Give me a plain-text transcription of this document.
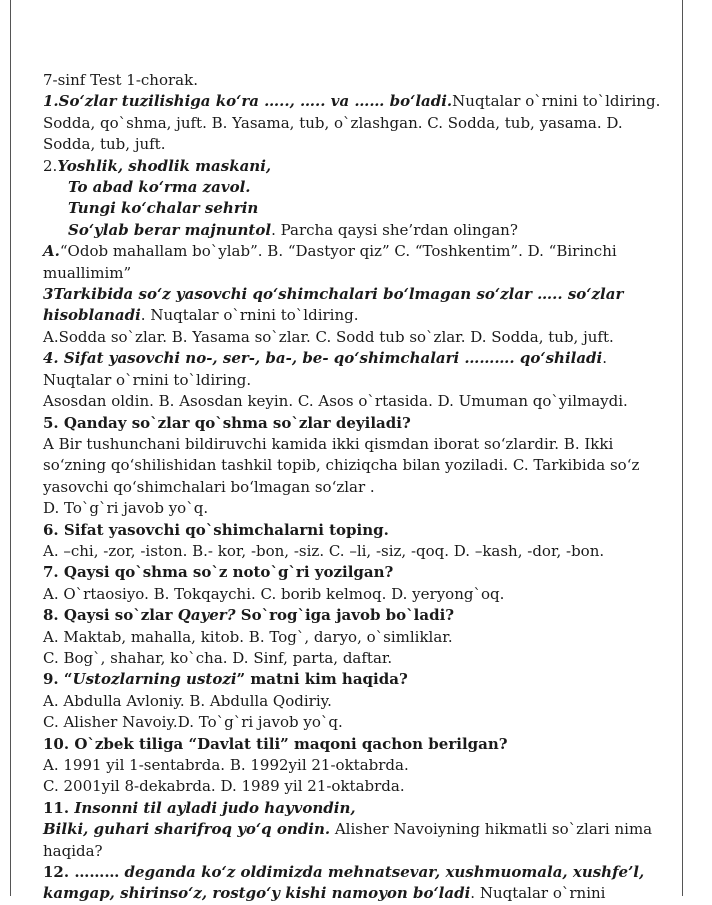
7-sinf Test 1-chorak.

1.So‘zlar tuzilishiga ko‘ra ….., ….. va …… bo‘ladi.Nuqtalar o`rnini to`ldiring.

Sodda, qo`shma, juft. B. Yasama, tub, o`zlashgan. C. Sodda, tub, yasama. D. Sodda, tub, juft.

2.Yoshlik, shodlik maskani,

To abad ko‘rma zavol.

Tungi ko‘chalar sehrin

So‘ylab berar majnuntol. Parcha qaysi she’rdan olingan?

A.“Odob mahallam bo`ylab”. B. “Dastyor qiz” C. “Toshkentim”. D. “Birinchi muallimim”

3Tarkibida so‘z yasovchi qo‘shimchalari bo‘lmagan so‘zlar ….. so‘zlar hisoblanadi. Nuqtalar o`rnini to`ldiring.

A.Sodda so`zlar. B. Yasama so`zlar. C. Sodd tub so`zlar. D. Sodda, tub, juft.

4. Sifat yasovchi no-, ser-, ba-, be- qo‘shimchalari ………. qo‘shiladi. Nuqtalar o`rnini to`ldiring.

Asosdan oldin. B. Asosdan keyin. C. Asos o`rtasida. D. Umuman qo`yilmaydi.

5. Qanday so`zlar qo`shma so`zlar deyiladi?

A Bir tushunchani bildiruvchi kamida ikki qismdan iborat so‘zlardir. B. Ikki so‘zning qo‘shilishidan tashkil topib, chiziqcha bilan yoziladi. C. Tarkibida so‘z yasovchi qo‘shimchalari bo‘lmagan so‘zlar .

D. To`g`ri javob yo`q.

6. Sifat yasovchi qo`shimchalarni toping.

A. –chi, -zor, -iston. B.- kor, -bon, -siz. C. –li, -siz, -qoq. D. –kash, -dor, -bon.

7. Qaysi qo`shma so`z noto`g`ri yozilgan?

A. O`rtaosiyo. B. Tokqaychi. C. borib kelmoq. D. yeryong`oq.

8. Qaysi so`zlar Qayer? So`rog`iga javob bo`ladi?

A. Maktab, mahalla, kitob. B. Tog`, daryo, o`simliklar.

C. Bog`, shahar, ko`cha. D. Sinf, parta, daftar.

9. “Ustozlarning ustozi” matni kim haqida?

A. Abdulla Avloniy. B. Abdulla Qodiriy.

C. Alisher Navoiy.D. To`g`ri javob yo`q.

10. O`zbek tiliga “Davlat tili” maqoni qachon berilgan?

A. 1991 yil 1-sentabrda. B. 1992yil 21-oktabrda.

C. 2001yil 8-dekabrda. D. 1989 yil 21-oktabrda.

11. Insonni til ayladi judo hayvondin,

Bilki, guhari sharifroq yo‘q ondin. Alisher Navoiyning hikmatli so`zlari nima haqida?

12. ……… deganda ko‘z oldimizda mehnatsevar, xushmuomala, xushfe’l, kamgap, shirinso‘z, rostgo‘y kishi namoyon bo‘ladi. Nuqtalar o`rnini
